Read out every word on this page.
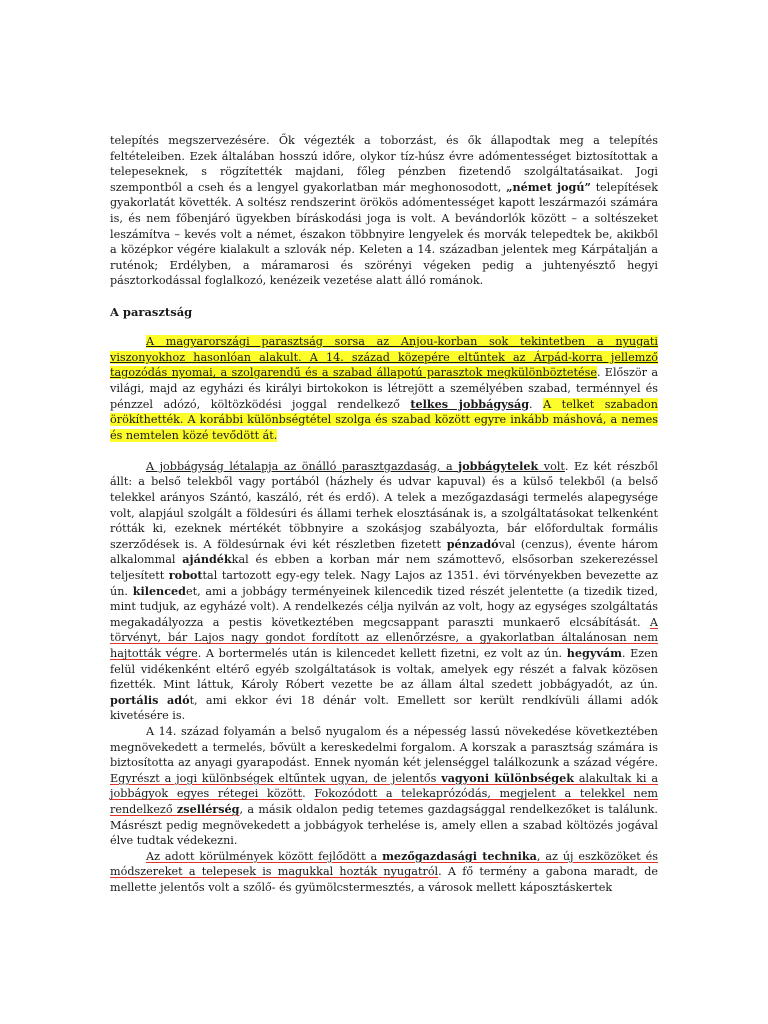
telepítés megszervezésére. Ők végezték a toborzást, és ők állapodtak meg a telepítés feltételeiben. Ezek általában hosszú időre, olykor tíz-húsz évre adómentességet biztosítottak a telepeseknek, s rögzítették majdani, főleg pénzben fizetendő szolgáltatásaikat. Jogi szempontból a cseh és a lengyel gyakorlatban már meghonosodott, „német jogú” telepítések gyakorlatát követték. A soltész rendszerint örökös adómentességet kapott leszármazói számára is, és nem főbenjáró ügyekben bíráskodási joga is volt. A bevándorlók között – a soltészeket leszámítva – kevés volt a német, északon többnyire lengyelek és morvák telepedtek be, akikből a középkor végére kialakult a szlovák nép. Keleten a 14. században jelentek meg Kárpátalján a ruténok; Erdélyben, a máramarosi és szörényi végeken pedig a juhtenyésztő hegyi pásztorkodással foglalkozó, kenézeik vezetése alatt álló románok.

A parasztság

A magyarországi parasztság sorsa az Anjou-korban sok tekintetben a nyugati viszonyokhoz hasonlóan alakult. A 14. század közepére eltűntek az Árpád-korra jellemző tagozódás nyomai, a szolgarendű és a szabad állapotú parasztok megkülönböztetése. Először a világi, majd az egyházi és királyi birtokokon is létrejött a személyében szabad, terménnyel és pénzzel adózó, költözködési joggal rendelkező telkes jobbágyság. A telket szabadon örökíthették. A korábbi különbségtétel szolga és szabad között egyre inkább máshová, a nemes és nemtelen közé tevődött át.

A jobbágyság létalapja az önálló parasztgazdaság, a jobbágytelek volt. Ez két részből állt: a belső telekből vagy portából (házhely és udvar kapuval) és a külső telekből (a belső telekkel arányos Szántó, kaszáló, rét és erdő). A telek a mezőgazdasági termelés alapegysége volt, alapjául szolgált a földesúri és állami terhek elosztásának is, a szolgáltatásokat telkenként rótták ki, ezeknek mértékét többnyire a szokásjog szabályozta, bár előfordultak formális szerződések is. A földesúrnak évi két részletben fizetett pénzadóval (cenzus), évente három alkalommal ajándékkal és ebben a korban már nem számottevő, elsősorban szekerezéssel teljesített robottal tartozott egy-egy telek. Nagy Lajos az 1351. évi törvényekben bevezette az ún. kilencedet, ami a jobbágy terményeinek kilencedik tized részét jelentette (a tizedik tized, mint tudjuk, az egyházé volt). A rendelkezés célja nyilván az volt, hogy az egységes szolgáltatás megakadályozza a pestis következtében megcsappant paraszti munkaerő elcsábítását. A törvényt, bár Lajos nagy gondot fordított az ellenőrzésre, a gyakorlatban általánosan nem hajtották végre. A bortermelés után is kilencedet kellett fizetni, ez volt az ún. hegyvám. Ezen felül vidékenként eltérő egyéb szolgáltatások is voltak, amelyek egy részét a falvak közösen fizették. Mint láttuk, Károly Róbert vezette be az állam által szedett jobbágyadót, az ún. portális adót, ami ekkor évi 18 dénár volt. Emellett sor került rendkívüli állami adók kivetésére is.

A 14. század folyamán a belső nyugalom és a népesség lassú növekedése következtében megnövekedett a termelés, bővült a kereskedelmi forgalom. A korszak a parasztság számára is biztosította az anyagi gyarapodást. Ennek nyomán két jelenséggel találkozunk a század végére. Egyrészt a jogi különbségek eltűntek ugyan, de jelentős vagyoni különbségek alakultak ki a jobbágyok egyes rétegei között. Fokozódott a telekaprózódás, megjelent a telekkel nem rendelkező zsellérség, a másik oldalon pedig tetemes gazdagsággal rendelkezőket is találunk. Másrészt pedig megnövekedett a jobbágyok terhelése is, amely ellen a szabad költözés jogával élve tudtak védekezni.

Az adott körülmények között fejlődött a mezőgazdasági technika, az új eszközöket és módszereket a telepesek is magukkal hozták nyugatról. A fő termény a gabona maradt, de mellette jelentős volt a szőlő- és gyümölcstermesztés, a városok mellett káposztáskertek
